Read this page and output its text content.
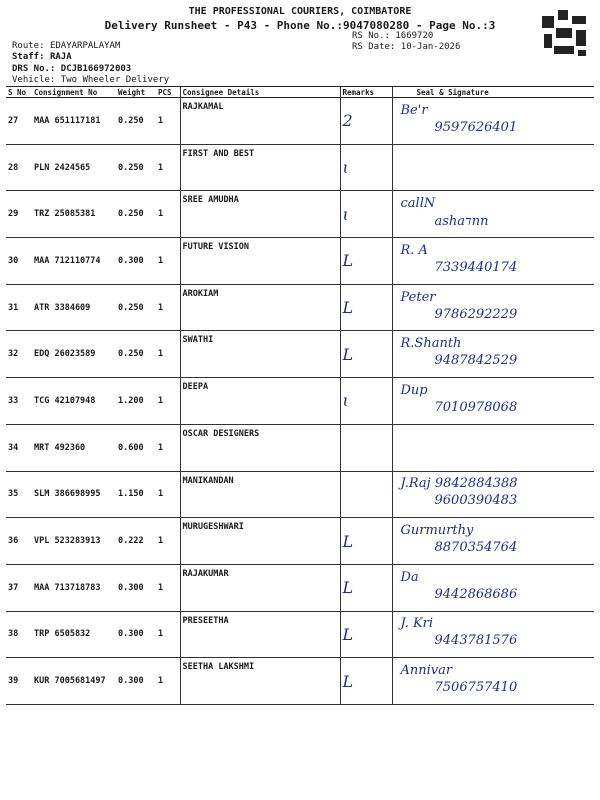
THE PROFESSIONAL COURIERS, COIMBATORE
Delivery Runsheet - P43 - Phone No.:9047080280 - Page No.:3
Route: EDAYARPALAYAM
Staff: RAJA
DRS No.: DCJB166972003
Vehicle: Two Wheeler Delivery
RS No.: 1669720
RS Date: 10-Jan-2026
S No	Consignment No	Weight	PCS	Consignee Details	Remarks	Seal & Signature
27	MAA 651117181	0.250	1	RAJKAMAL	2	Be'r
9597626401

28	PLN 2424565	0.250	1	FIRST AND BEST	ɩ	

29	TRZ 25085381	0.250	1	SREE AMUDHA	ɩ	callN
ashaדnn

30	MAA 712110774	0.300	1	FUTURE VISION	L	R. A
7339440174

31	ATR 3384609	0.250	1	AROKIAM	L	Peter
9786292229

32	EDQ 26023589	0.250	1	SWATHI	L	R.Shanth
9487842529

33	TCG 42107948	1.200	1	DEEPA	ɩ	Dup
7010978068

34	MRT 492360	0.600	1	OSCAR DESIGNERS		

35	SLM 386698995	1.150	1	MANIKANDAN		J.Raj 9842884388
9600390483

36	VPL 523283913	0.222	1	MURUGESHWARI	L	Gurmurthy
8870354764

37	MAA 713718783	0.300	1	RAJAKUMAR	L	Da
9442868686

38	TRP 6505832	0.300	1	PRESEETHA	L	J. Kri
9443781576

39	KUR 7005681497	0.300	1	SEETHA LAKSHMI	L	Annivar
7506757410
